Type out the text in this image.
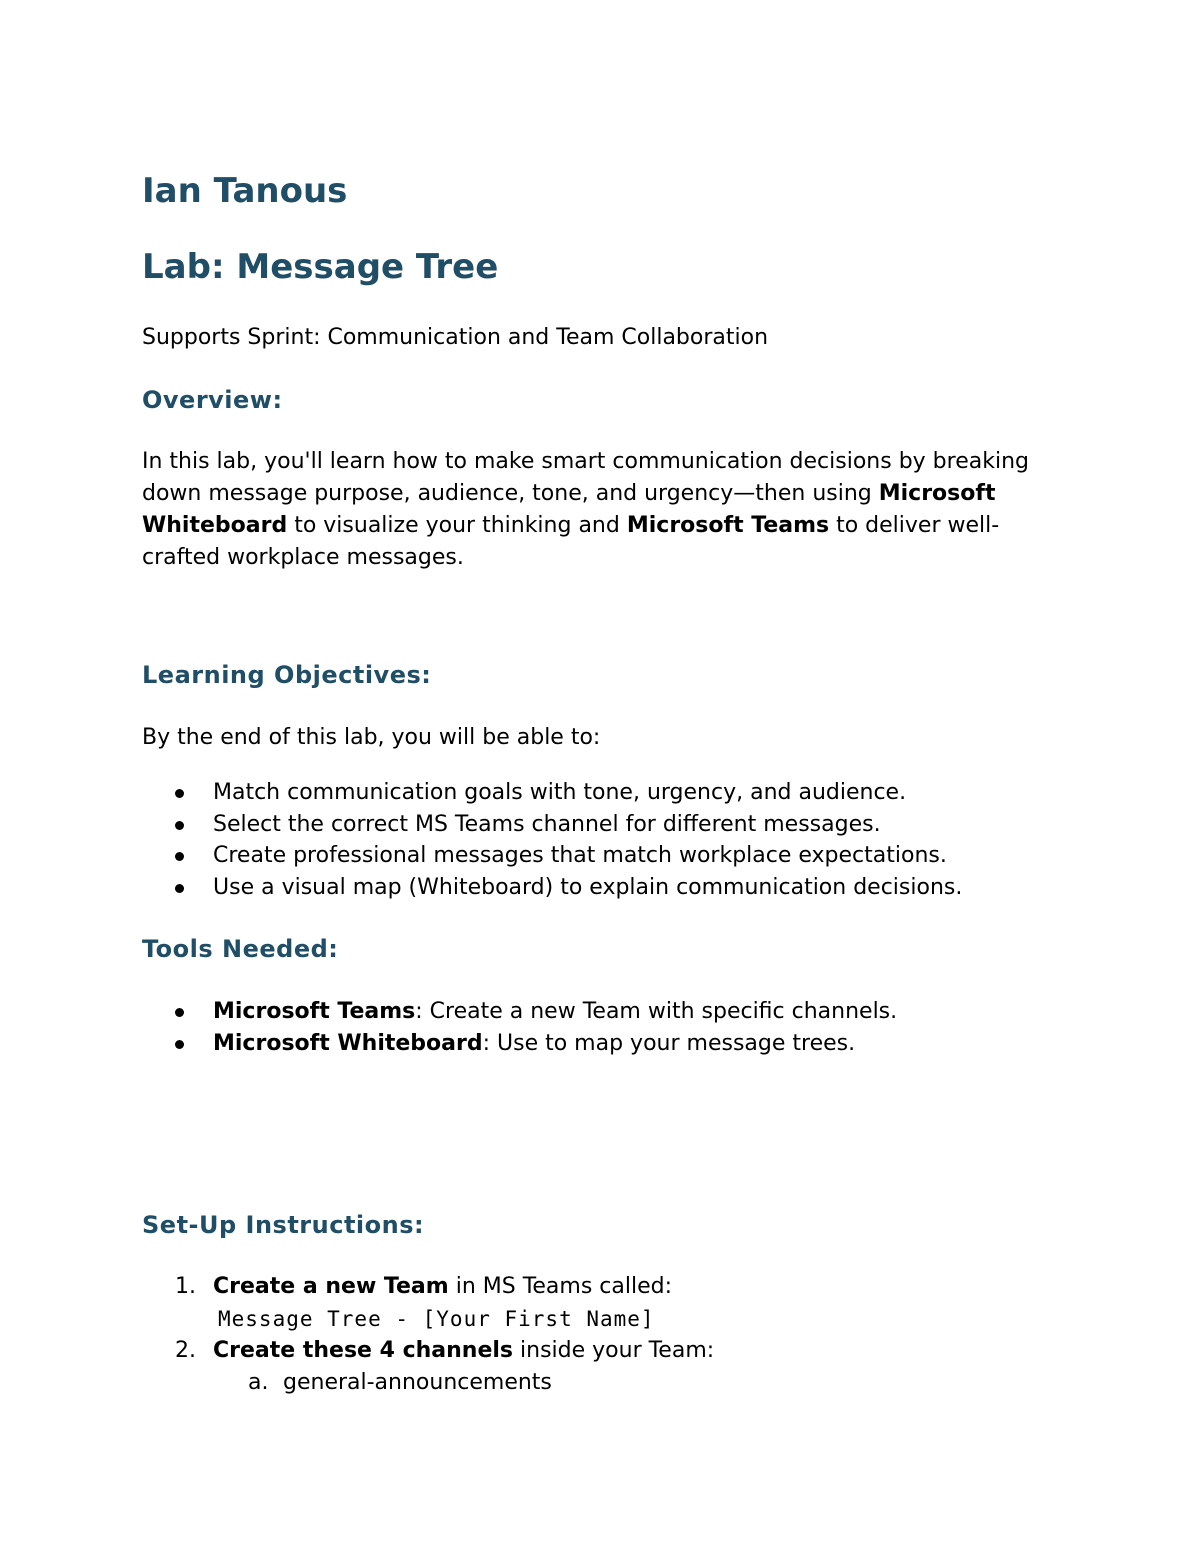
Ian Tanous
Lab: Message Tree

Supports Sprint: Communication and Team Collaboration

Overview:

In this lab, you'll learn how to make smart communication decisions by breaking down message purpose, audience, tone, and urgency—then using Microsoft Whiteboard to visualize your thinking and Microsoft Teams to deliver well-crafted workplace messages.

Learning Objectives:

By the end of this lab, you will be able to:

Match communication goals with tone, urgency, and audience.
Select the correct MS Teams channel for different messages.
Create professional messages that match workplace expectations.
Use a visual map (Whiteboard) to explain communication decisions.
Tools Needed:
Microsoft Teams: Create a new Team with specific channels.
Microsoft Whiteboard: Use to map your message trees.
Set-Up Instructions:
1. Create a new Team in MS Teams called:
Message Tree - [Your First Name]
2. Create these 4 channels inside your Team:
a. general-announcements
